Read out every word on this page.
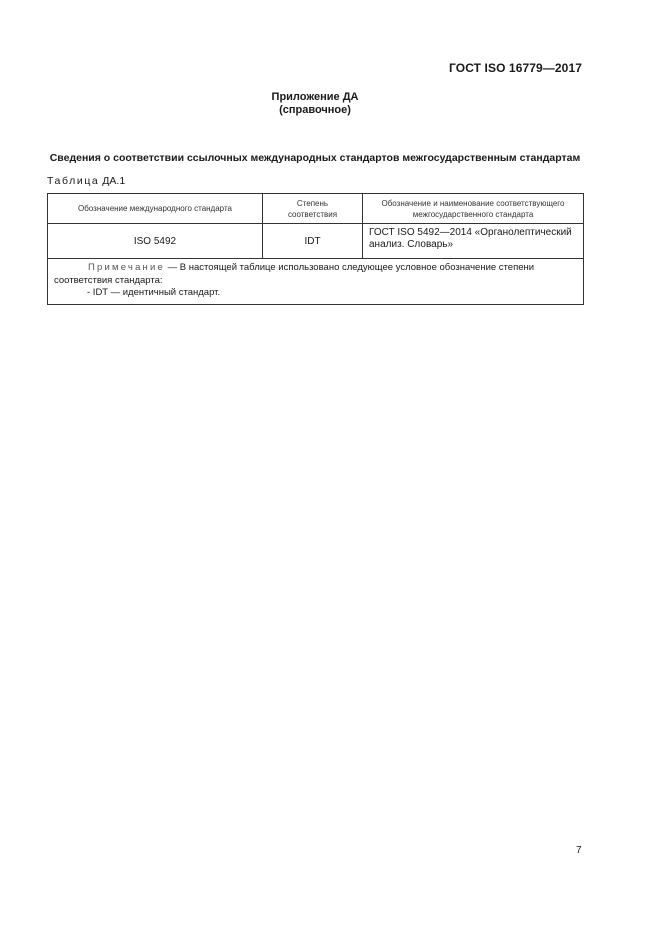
ГОСТ ISO 16779—2017
Приложение ДА
(справочное)
Сведения о соответствии ссылочных международных стандартов межгосударственным стандартам
Таблица ДА.1
Обозначение международного стандарта	Степень соответствия	Обозначение и наименование соответствующего межгосударственного стандарта
ISO 5492	IDT	ГОСТ ISO 5492—2014 «Органолептический анализ. Словарь»

Примечание — В настоящей таблице использовано следующее условное обозначение степени соответствия стандарта:
- IDT — идентичный стандарт.		
7
